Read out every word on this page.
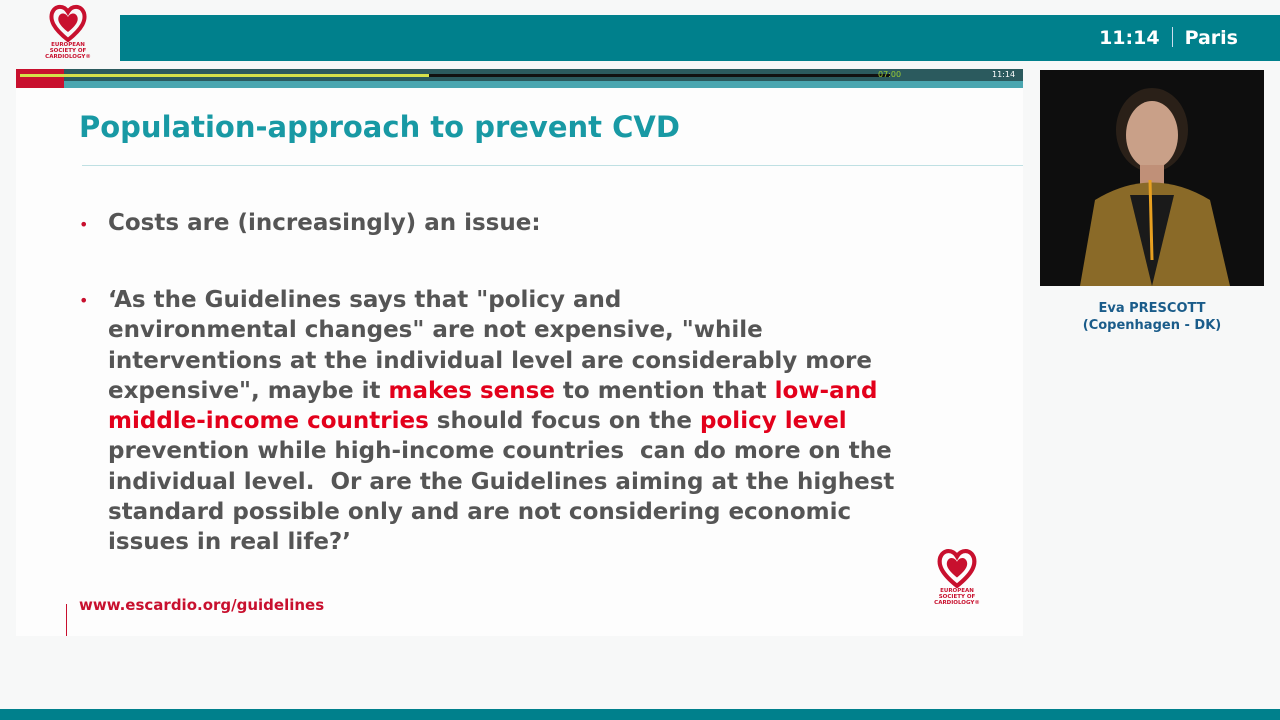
EUROPEAN
SOCIETY OF
CARDIOLOGY®
11:14 Paris
07:00	11:14
Population-approach to prevent CVD
• Costs are (increasingly) an issue:
• ‘As the Guidelines says that "policy and
environmental changes" are not expensive, "while
interventions at the individual level are considerably more
expensive", maybe it makes sense to mention that low-and
middle-income countries should focus on the policy level
prevention while high-income countries  can do more on the
individual level.  Or are the Guidelines aiming at the highest
standard possible only and are not considering economic
issues in real life?’
www.escardio.org/guidelines
EUROPEAN
SOCIETY OF
CARDIOLOGY®
Eva PRESCOTT
(Copenhagen - DK)
